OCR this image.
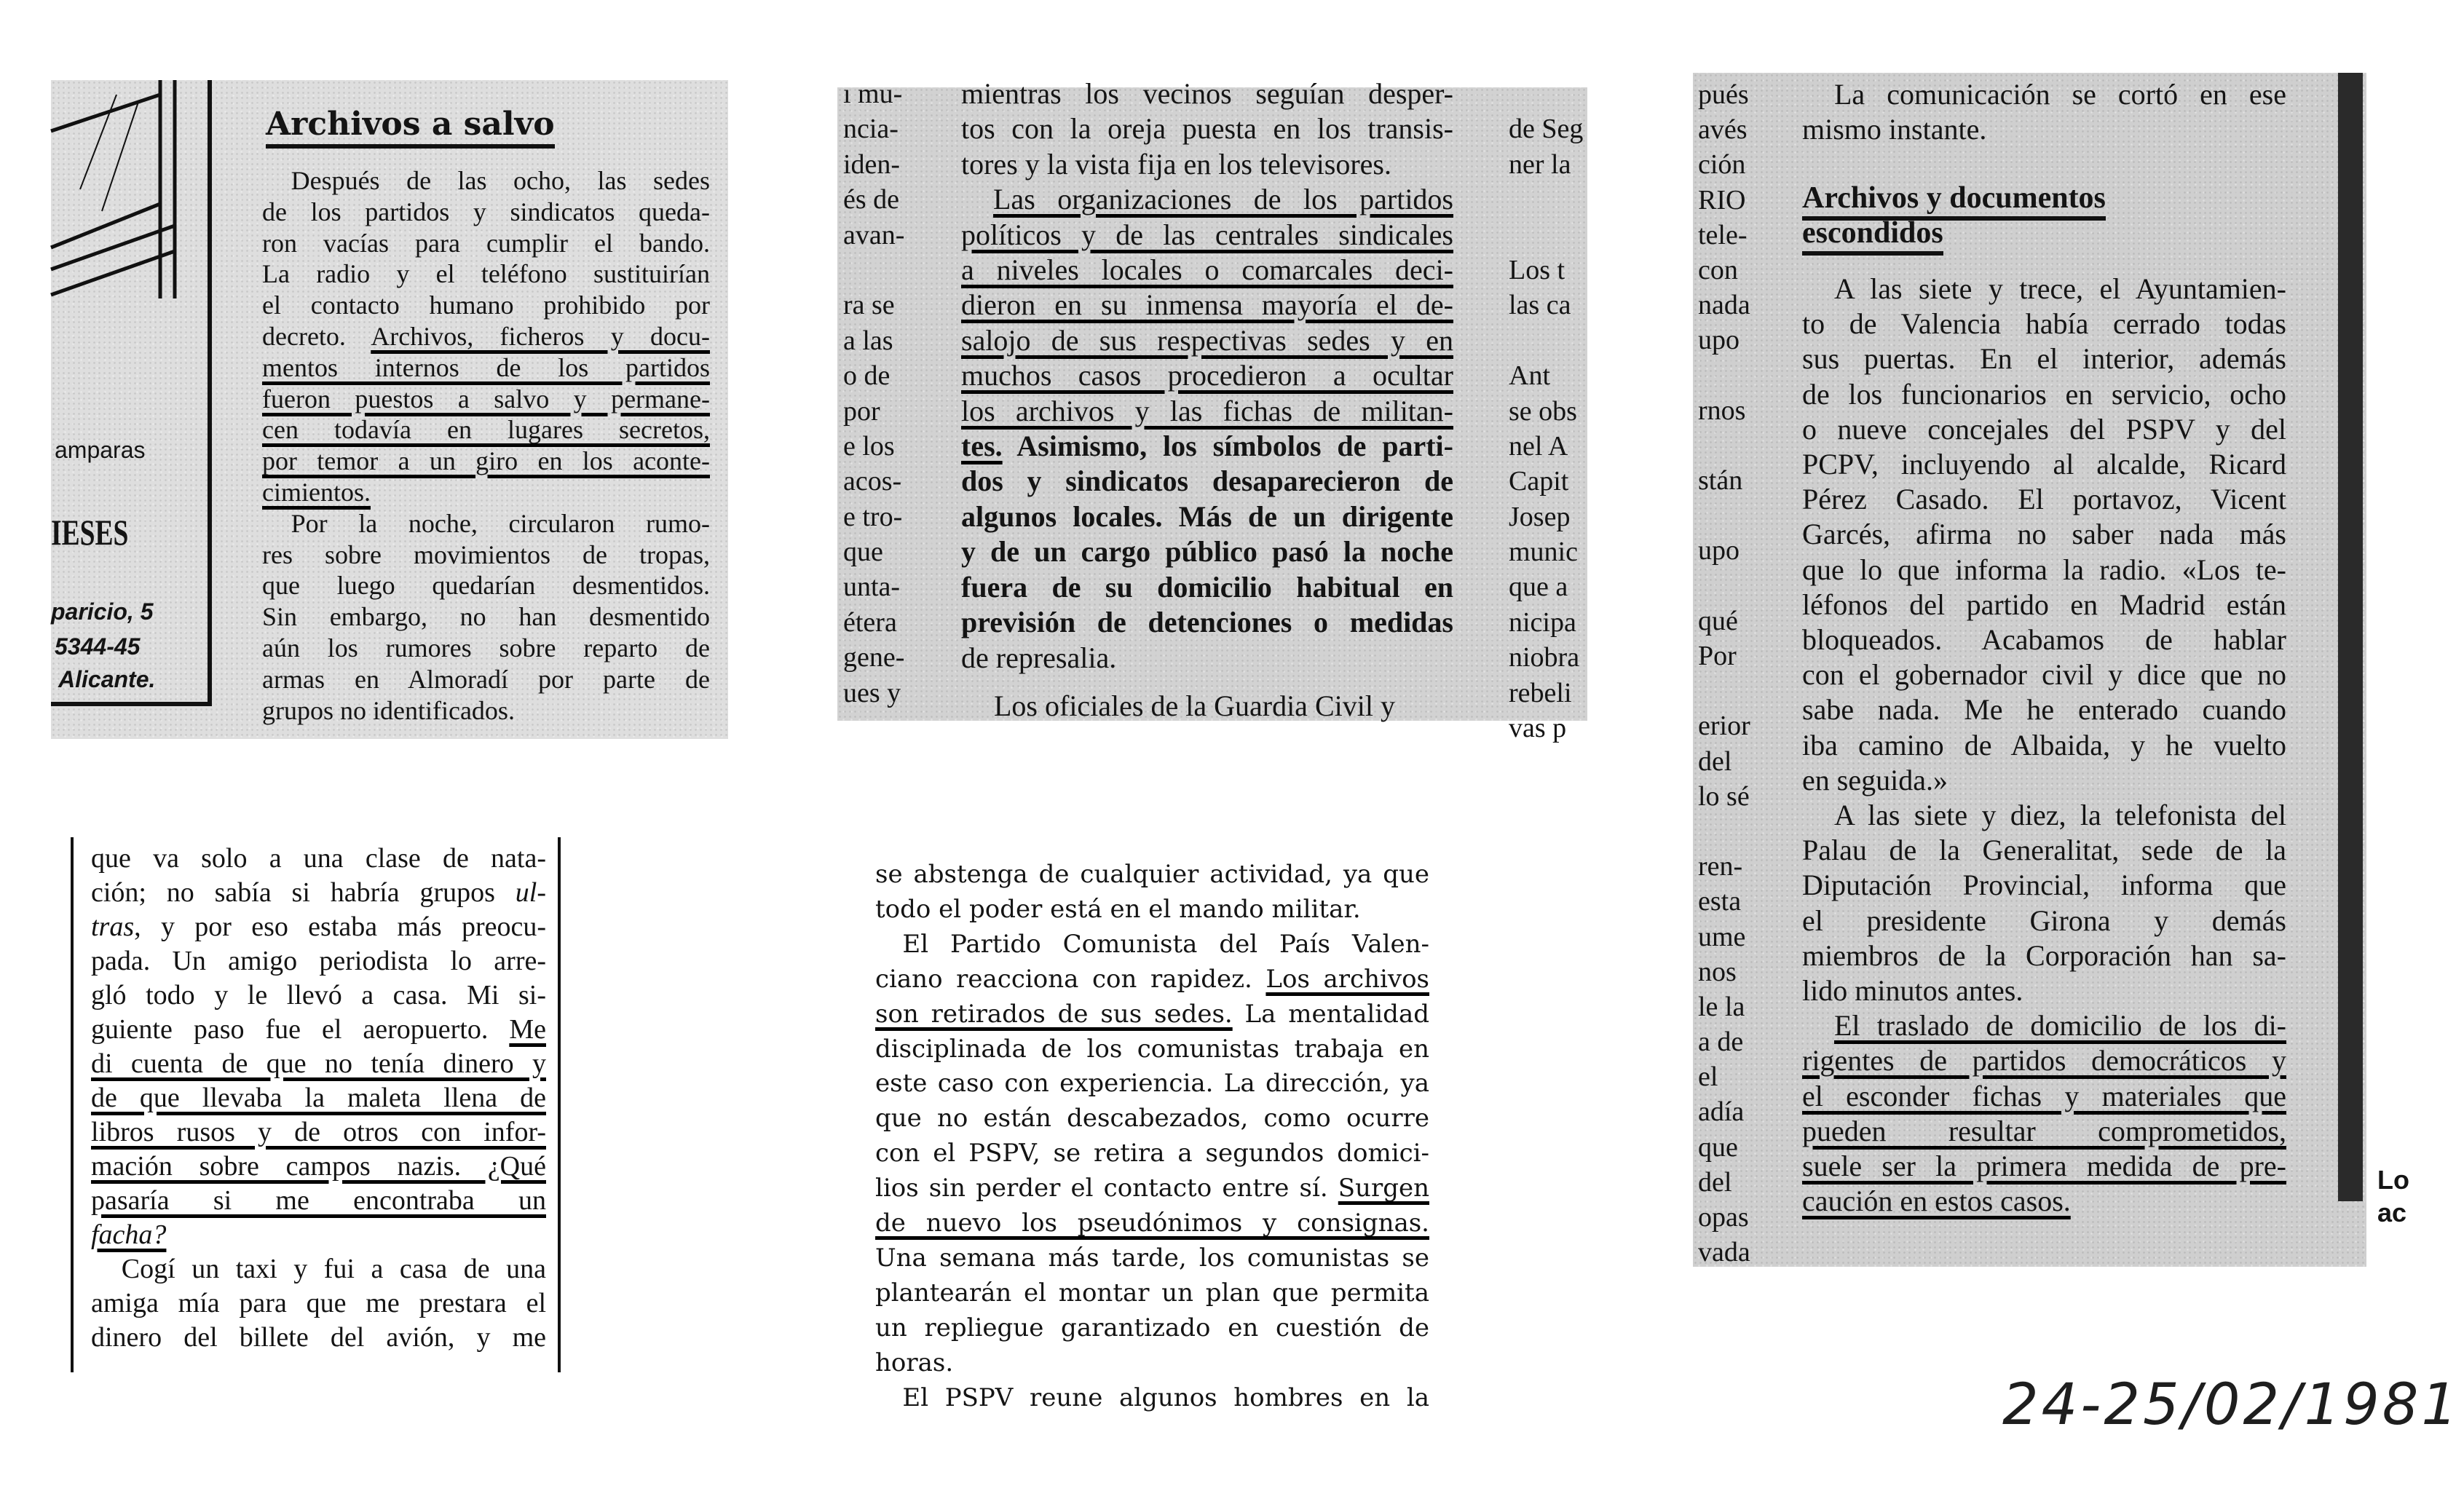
amparas
IESES
paricio, 5
5344-45
Alicante.
Archivos a salvo
Después de las ocho, las sedes
de los partidos y sindicatos queda-
ron vacías para cumplir el bando.
La radio y el teléfono sustituirían
el contacto humano prohibido por
decreto. Archivos, ficheros y docu-
mentos internos de los partidos
fueron puestos a salvo y permane-
cen todavía en lugares secretos,
por temor a un giro en los aconte-
cimientos.
Por la noche, circularon rumo-
res sobre movimientos de tropas,
que luego quedarían desmentidos.
Sin embargo, no han desmentido
aún los rumores sobre reparto de
armas en Almoradí por parte de
grupos no identificados.
ı mu-
ncia-
iden-
és de
avan-
ra se
a las
o de
por
e los
acos-
e tro-
que
unta-
étera
gene-
ues y
mientras los vecinos seguían desper-
tos con la oreja puesta en los transis-
tores y la vista fija en los televisores.
Las organizaciones de los partidos
políticos y de las centrales sindicales
a niveles locales o comarcales deci-
dieron en su inmensa mayoría el de-
salojo de sus respectivas sedes y en
muchos casos procedieron a ocultar
los archivos y las fichas de militan-
tes. Asimismo, los símbolos de parti-
dos y sindicatos desaparecieron de
algunos locales. Más de un dirigente
y de un cargo público pasó la noche
fuera de su domicilio habitual en
previsión de detenciones o medidas
de represalia.
Los oficiales de la Guardia Civil y
de Seg
ner la
Los t
las ca
Ant
se obs
nel A
Capit
Josep
munic
que a
nicipa
niobra
rebeli
vas p
pués
avés
ción
RIO
tele-
con
nada
upo
rnos
stán
upo
qué
Por
erior
del
lo sé
ren-
esta
ume
nos
le la
a de
el
adía
que
del
opas
vada
La comunicación se cortó en ese
mismo instante.
Archivos y documentos
escondidos
A las siete y trece, el Ayuntamien-
to de Valencia había cerrado todas
sus puertas. En el interior, además
de los funcionarios en servicio, ocho
o nueve concejales del PSPV y del
PCPV, incluyendo al alcalde, Ricard
Pérez Casado. El portavoz, Vicent
Garcés, afirma no saber nada más
que lo que informa la radio. «Los te-
léfonos del partido en Madrid están
bloqueados. Acabamos de hablar
con el gobernador civil y dice que no
sabe nada. Me he enterado cuando
iba camino de Albaida, y he vuelto
en seguida.»
A las siete y diez, la telefonista del
Palau de la Generalitat, sede de la
Diputación Provincial, informa que
el presidente Girona y demás
miembros de la Corporación han sa-
lido minutos antes.
El traslado de domicilio de los di-
rigentes de partidos democráticos y
el esconder fichas y materiales que
pueden resultar comprometidos,
suele ser la primera medida de pre-
caución en estos casos.
Lo
ac
que va solo a una clase de nata-
ción; no sabía si habría grupos ul-
tras, y por eso estaba más preocu-
pada. Un amigo periodista lo arre-
gló todo y le llevó a casa. Mi si-
guiente paso fue el aeropuerto. Me
di cuenta de que no tenía dinero y
de que llevaba la maleta llena de
libros rusos y de otros con infor-
mación sobre campos nazis. ¿Qué
pasaría si me encontraba un
facha?
Cogí un taxi y fui a casa de una
amiga mía para que me prestara el
dinero del billete del avión, y me
se abstenga de cualquier actividad, ya que
todo el poder está en el mando militar.
El Partido Comunista del País Valen-
ciano reacciona con rapidez. Los archivos
son retirados de sus sedes. La mentalidad
disciplinada de los comunistas trabaja en
este caso con experiencia. La dirección, ya
que no están descabezados, como ocurre
con el PSPV, se retira a segundos domici-
lios sin perder el contacto entre sí. Surgen
de nuevo los pseudónimos y consignas.
Una semana más tarde, los comunistas se
plantearán el montar un plan que permita
un repliegue garantizado en cuestión de
horas.
El PSPV reune algunos hombres en la	24-25/02/1981
